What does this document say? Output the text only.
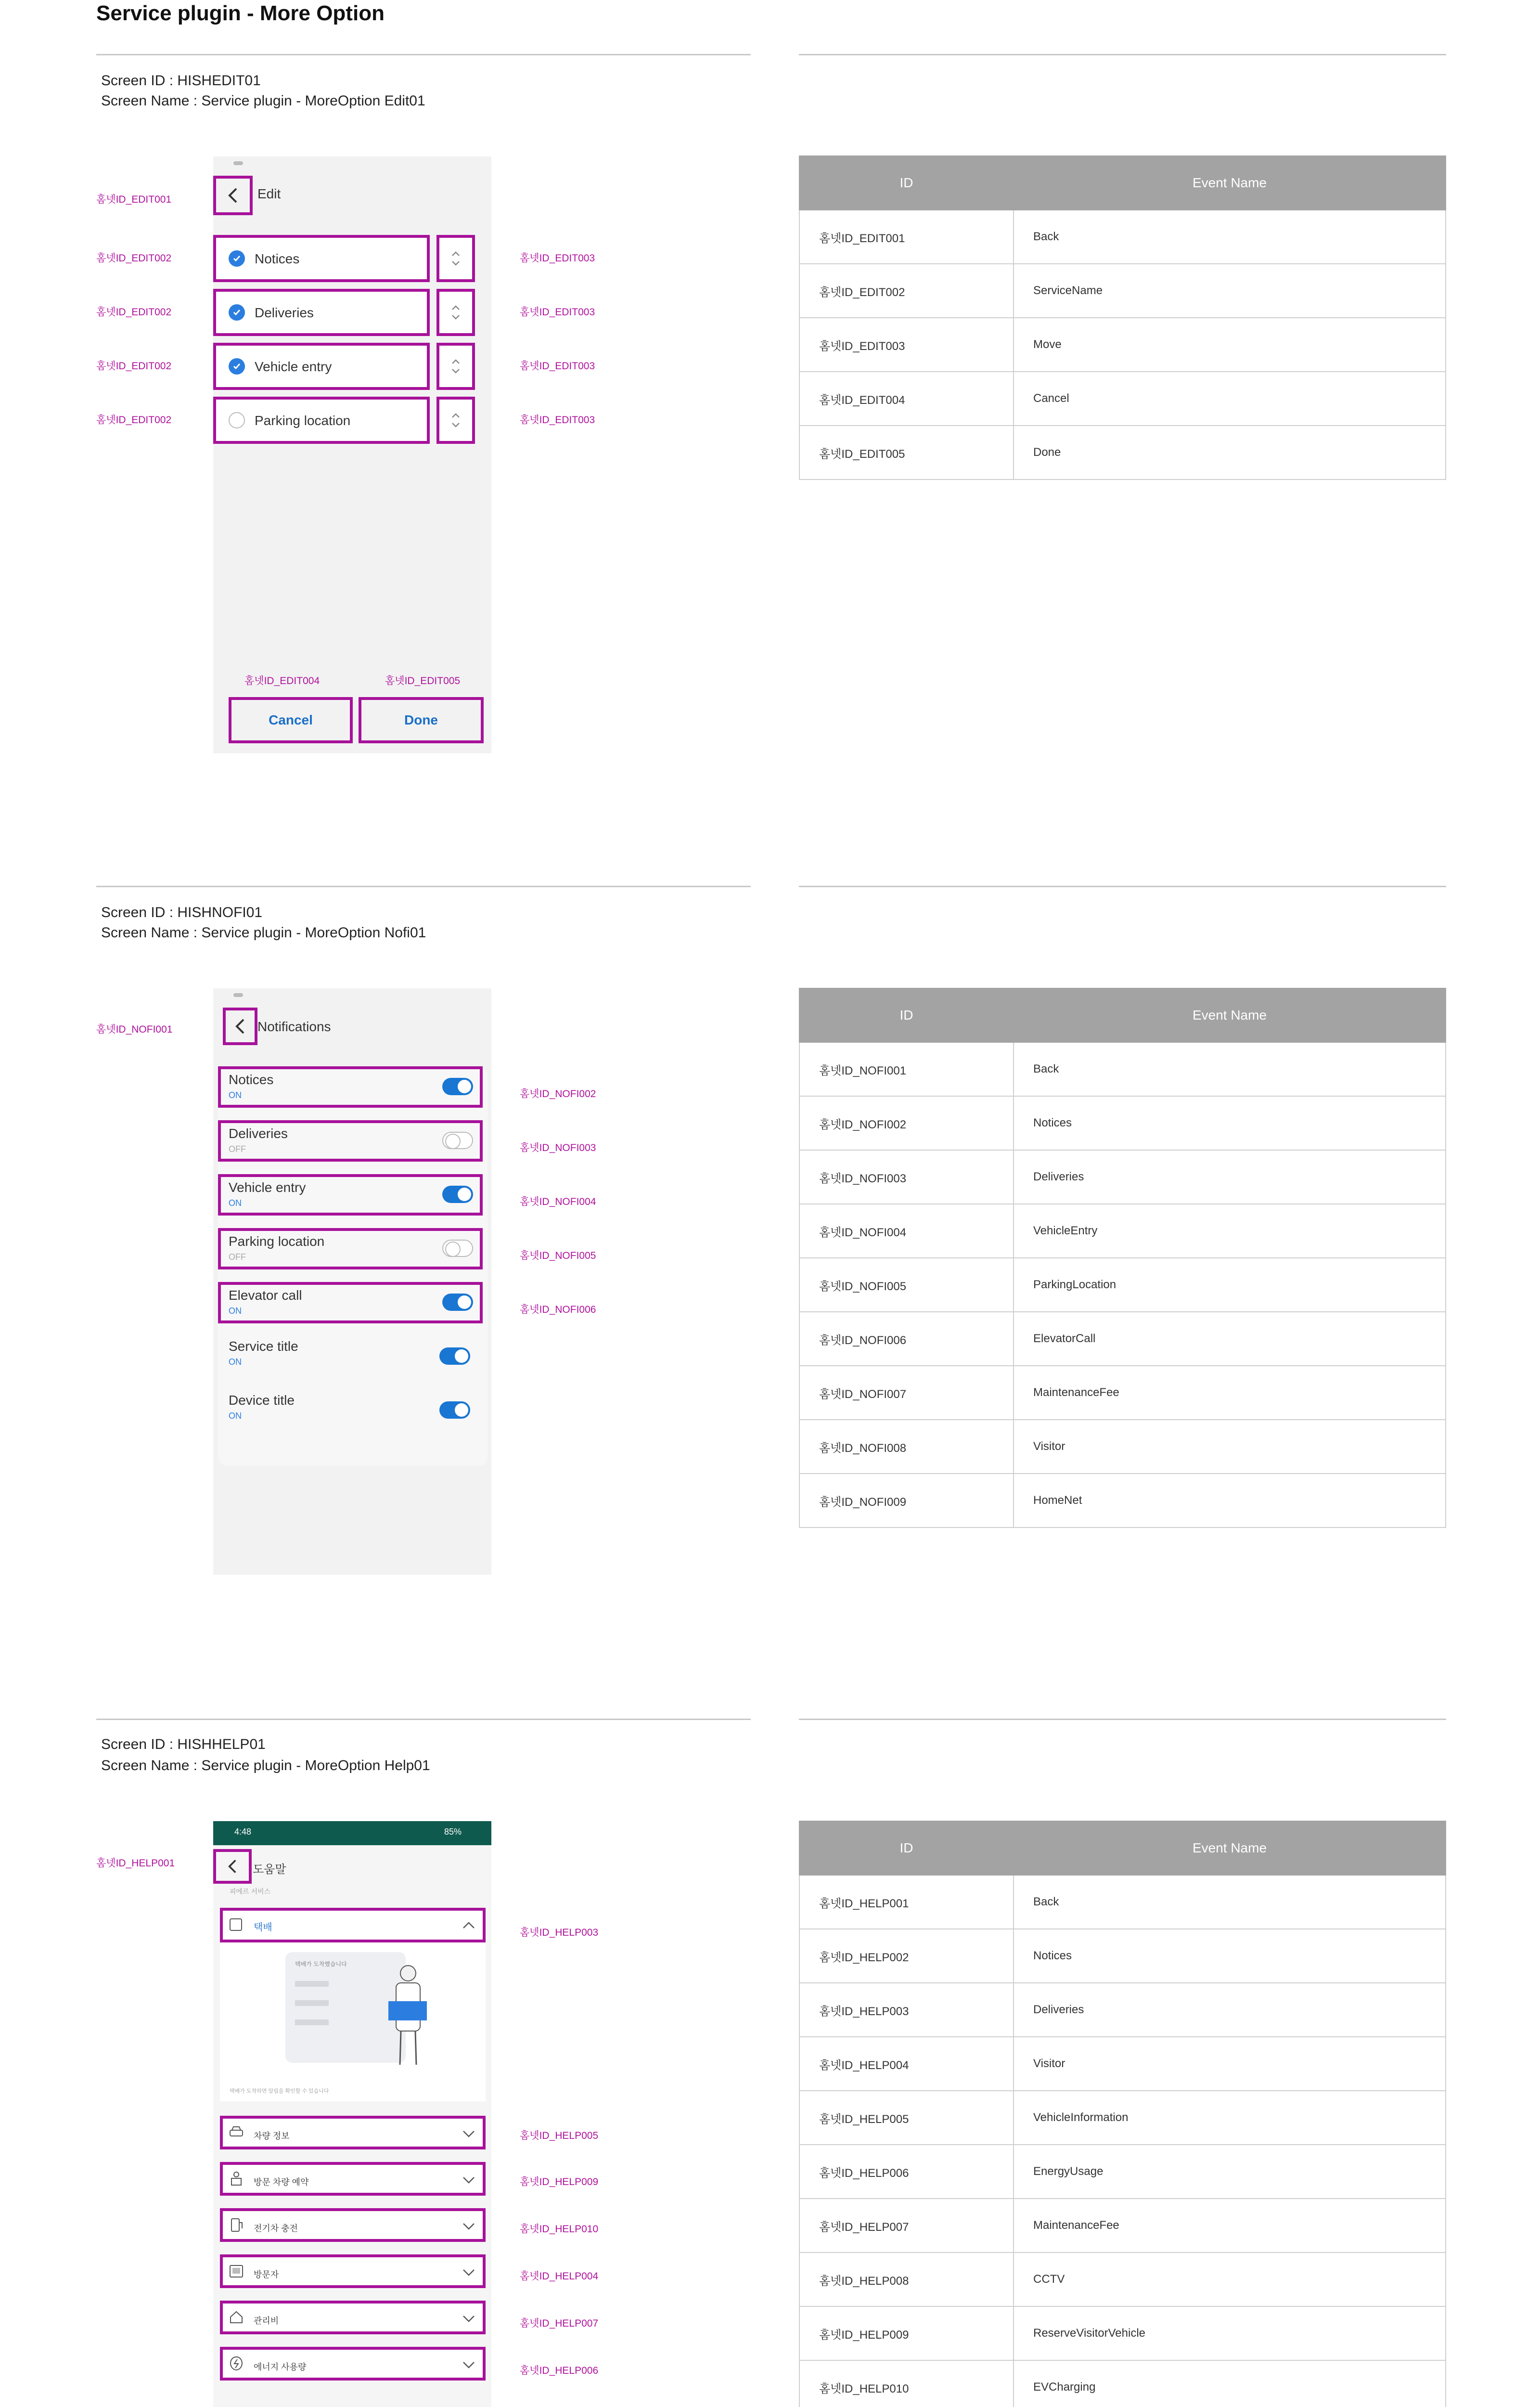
Service plugin - More Option
Screen ID : HISHEDIT01
Screen Name : Service plugin - MoreOption Edit01
Edit
Notices
Deliveries
Vehicle entry
Parking location
Cancel	Done
홈넷ID_EDIT001
홈넷ID_EDIT002
홈넷ID_EDIT002
홈넷ID_EDIT002
홈넷ID_EDIT002
홈넷ID_EDIT003
홈넷ID_EDIT003
홈넷ID_EDIT003
홈넷ID_EDIT003
홈넷ID_EDIT004	홈넷ID_EDIT005
ID	Event Name
홈넷ID_EDIT001	Back
홈넷ID_EDIT002	ServiceName
홈넷ID_EDIT003	Move
홈넷ID_EDIT004	Cancel
홈넷ID_EDIT005	Done
Screen ID : HISHNOFI01
Screen Name : Service plugin - MoreOption Nofi01
Notifications
Notices
ON
Deliveries
OFF
Vehicle entry
ON
Parking location
OFF
Elevator call
ON
Service title
ON
Device title
ON
홈넷ID_NOFI001
홈넷ID_NOFI002
홈넷ID_NOFI003
홈넷ID_NOFI004
홈넷ID_NOFI005
홈넷ID_NOFI006
ID	Event Name
홈넷ID_NOFI001	Back
홈넷ID_NOFI002	Notices
홈넷ID_NOFI003	Deliveries
홈넷ID_NOFI004	VehicleEntry
홈넷ID_NOFI005	ParkingLocation
홈넷ID_NOFI006	ElevatorCall
홈넷ID_NOFI007	MaintenanceFee
홈넷ID_NOFI008	Visitor
홈넷ID_NOFI009	HomeNet
Screen ID : HISHHELP01
Screen Name : Service plugin - MoreOption Help01
4:48	85%
도움말
피에르 서비스
택배
택배가 도착했습니다
택배가 도착하면 알림을 확인할 수 있습니다
차량 정보
방문 차량 예약
전기차 충전
방문자
관리비
에너지 사용량
홈넷ID_HELP001
홈넷ID_HELP003
홈넷ID_HELP005
홈넷ID_HELP009
홈넷ID_HELP010
홈넷ID_HELP004
홈넷ID_HELP007
홈넷ID_HELP006
ID	Event Name
홈넷ID_HELP001	Back
홈넷ID_HELP002	Notices
홈넷ID_HELP003	Deliveries
홈넷ID_HELP004	Visitor
홈넷ID_HELP005	VehicleInformation
홈넷ID_HELP006	EnergyUsage
홈넷ID_HELP007	MaintenanceFee
홈넷ID_HELP008	CCTV
홈넷ID_HELP009	ReserveVisitorVehicle
홈넷ID_HELP010	EVCharging
